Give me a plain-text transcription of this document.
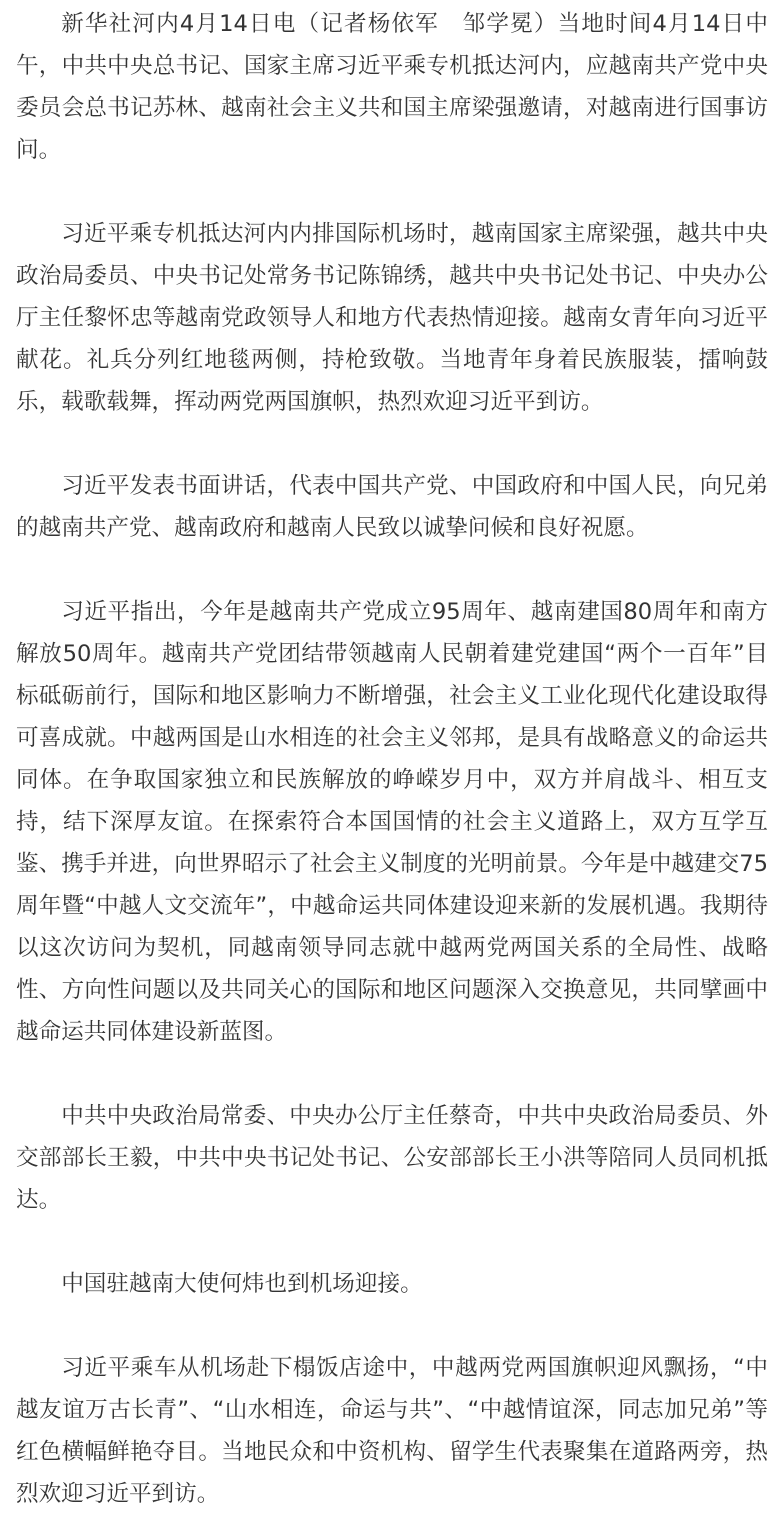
新华社河内4月14日电（记者杨依军　邹学冕）当地时间4月14日中午，中共中央总书记、国家主席习近平乘专机抵达河内，应越南共产党中央委员会总书记苏林、越南社会主义共和国主席梁强邀请，对越南进行国事访问。

习近平乘专机抵达河内内排国际机场时，越南国家主席梁强，越共中央政治局委员、中央书记处常务书记陈锦绣，越共中央书记处书记、中央办公厅主任黎怀忠等越南党政领导人和地方代表热情迎接。越南女青年向习近平献花。礼兵分列红地毯两侧，持枪致敬。当地青年身着民族服装，擂响鼓乐，载歌载舞，挥动两党两国旗帜，热烈欢迎习近平到访。

习近平发表书面讲话，代表中国共产党、中国政府和中国人民，向兄弟的越南共产党、越南政府和越南人民致以诚挚问候和良好祝愿。

习近平指出，今年是越南共产党成立95周年、越南建国80周年和南方解放50周年。越南共产党团结带领越南人民朝着建党建国“两个一百年”目标砥砺前行，国际和地区影响力不断增强，社会主义工业化现代化建设取得可喜成就。中越两国是山水相连的社会主义邻邦，是具有战略意义的命运共同体。在争取国家独立和民族解放的峥嵘岁月中，双方并肩战斗、相互支持，结下深厚友谊。在探索符合本国国情的社会主义道路上，双方互学互鉴、携手并进，向世界昭示了社会主义制度的光明前景。今年是中越建交75周年暨“中越人文交流年”，中越命运共同体建设迎来新的发展机遇。我期待以这次访问为契机，同越南领导同志就中越两党两国关系的全局性、战略性、方向性问题以及共同关心的国际和地区问题深入交换意见，共同擘画中越命运共同体建设新蓝图。

中共中央政治局常委、中央办公厅主任蔡奇，中共中央政治局委员、外交部部长王毅，中共中央书记处书记、公安部部长王小洪等陪同人员同机抵达。

中国驻越南大使何炜也到机场迎接。

习近平乘车从机场赴下榻饭店途中，中越两党两国旗帜迎风飘扬，“中越友谊万古长青”、“山水相连，命运与共”、“中越情谊深，同志加兄弟”等红色横幅鲜艳夺目。当地民众和中资机构、留学生代表聚集在道路两旁，热烈欢迎习近平到访。
